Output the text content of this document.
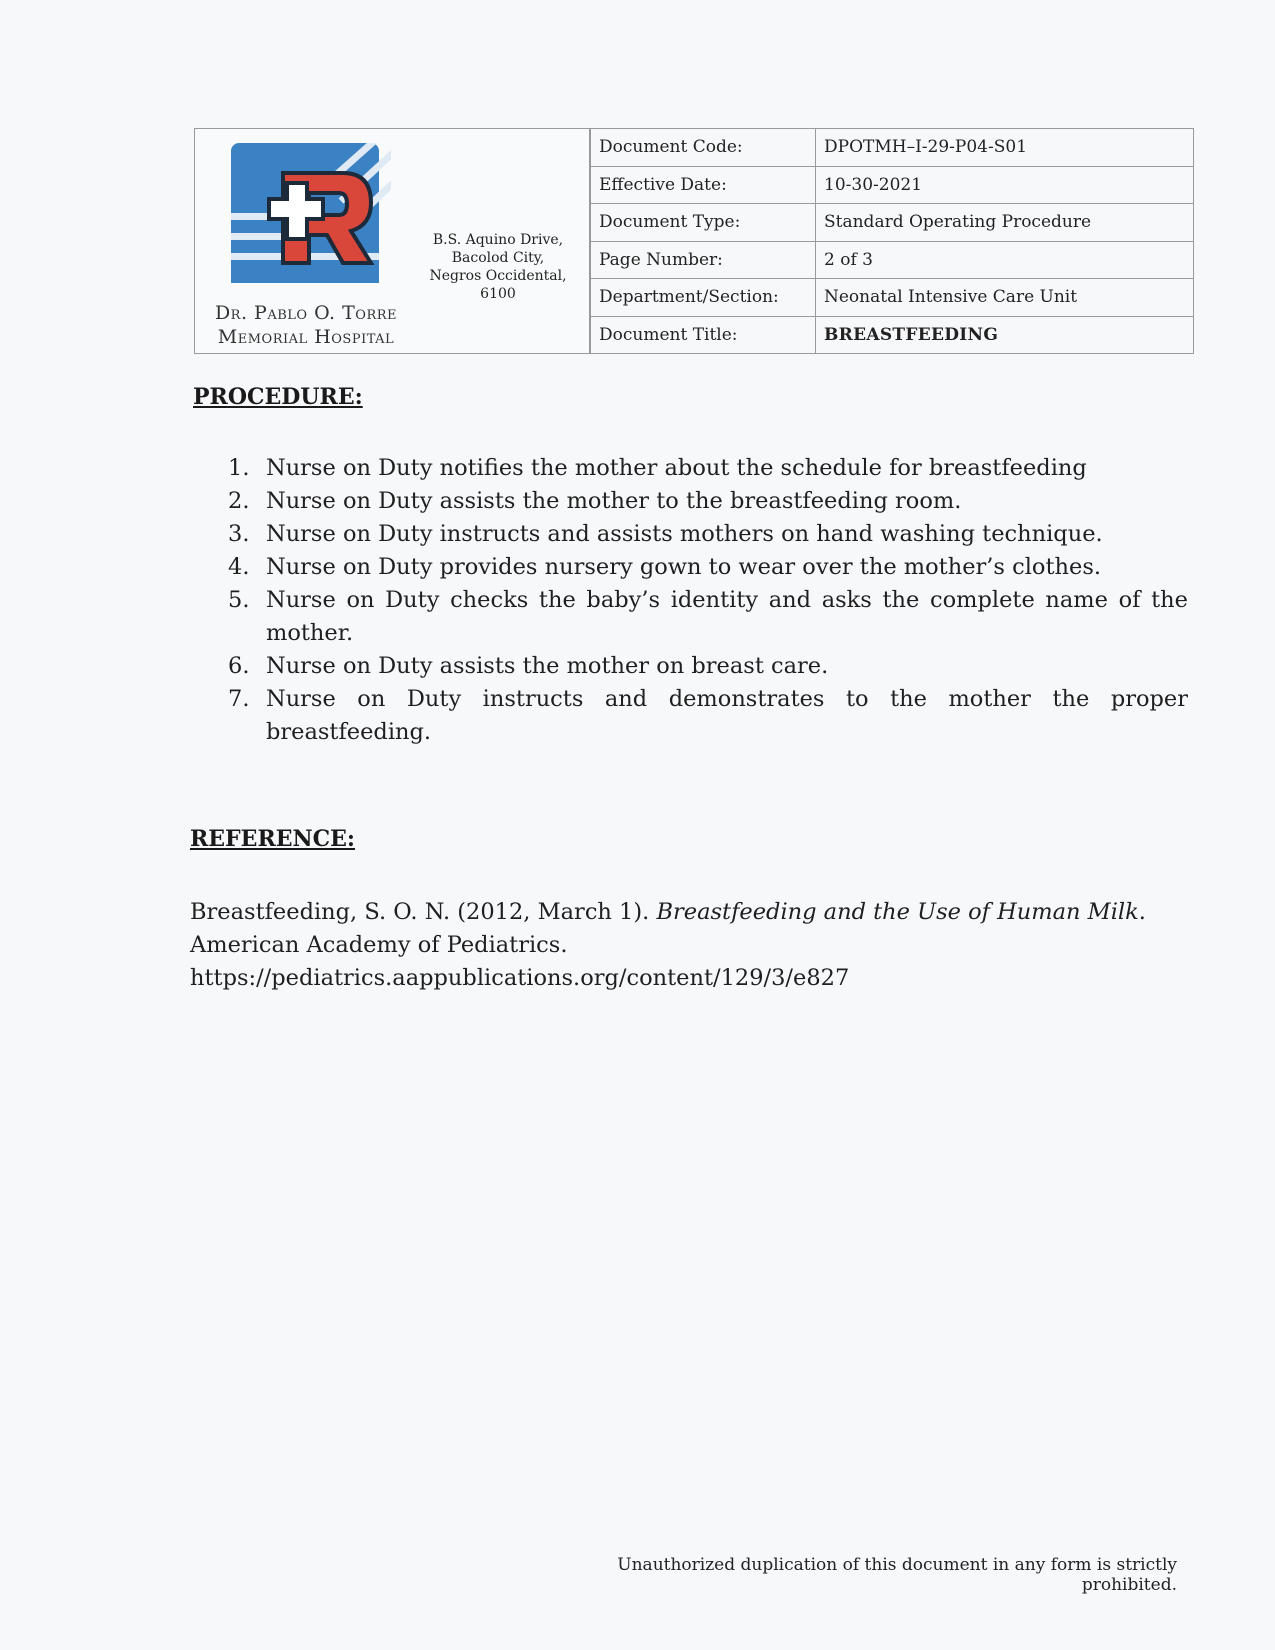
Dr. Pablo O. Torre
Memorial Hospital
B.S. Aquino Drive,
Bacolod City,
Negros Occidental,
6100
Document Code:	DPOTMH–I-29-P04-S01
Effective Date:	10-30-2021
Document Type:	Standard Operating Procedure
Page Number:	2 of 3
Department/Section:	Neonatal Intensive Care Unit
Document Title:	BREASTFEEDING
PROCEDURE:
1. Nurse on Duty notifies the mother about the schedule for breastfeeding
2. Nurse on Duty assists the mother to the breastfeeding room.
3. Nurse on Duty instructs and assists mothers on hand washing technique.
4. Nurse on Duty provides nursery gown to wear over the mother’s clothes.
5. Nurse on Duty checks the baby’s identity and asks the complete name of the mother.
6. Nurse on Duty assists the mother on breast care.
7. Nurse on Duty instructs and demonstrates to the mother the proper breastfeeding.
REFERENCE:
Breastfeeding, S. O. N. (2012, March 1). Breastfeeding and the Use of Human Milk. American Academy of Pediatrics. https://pediatrics.aappublications.org/content/129/3/e827
Unauthorized duplication of this document in any form is strictly prohibited.
